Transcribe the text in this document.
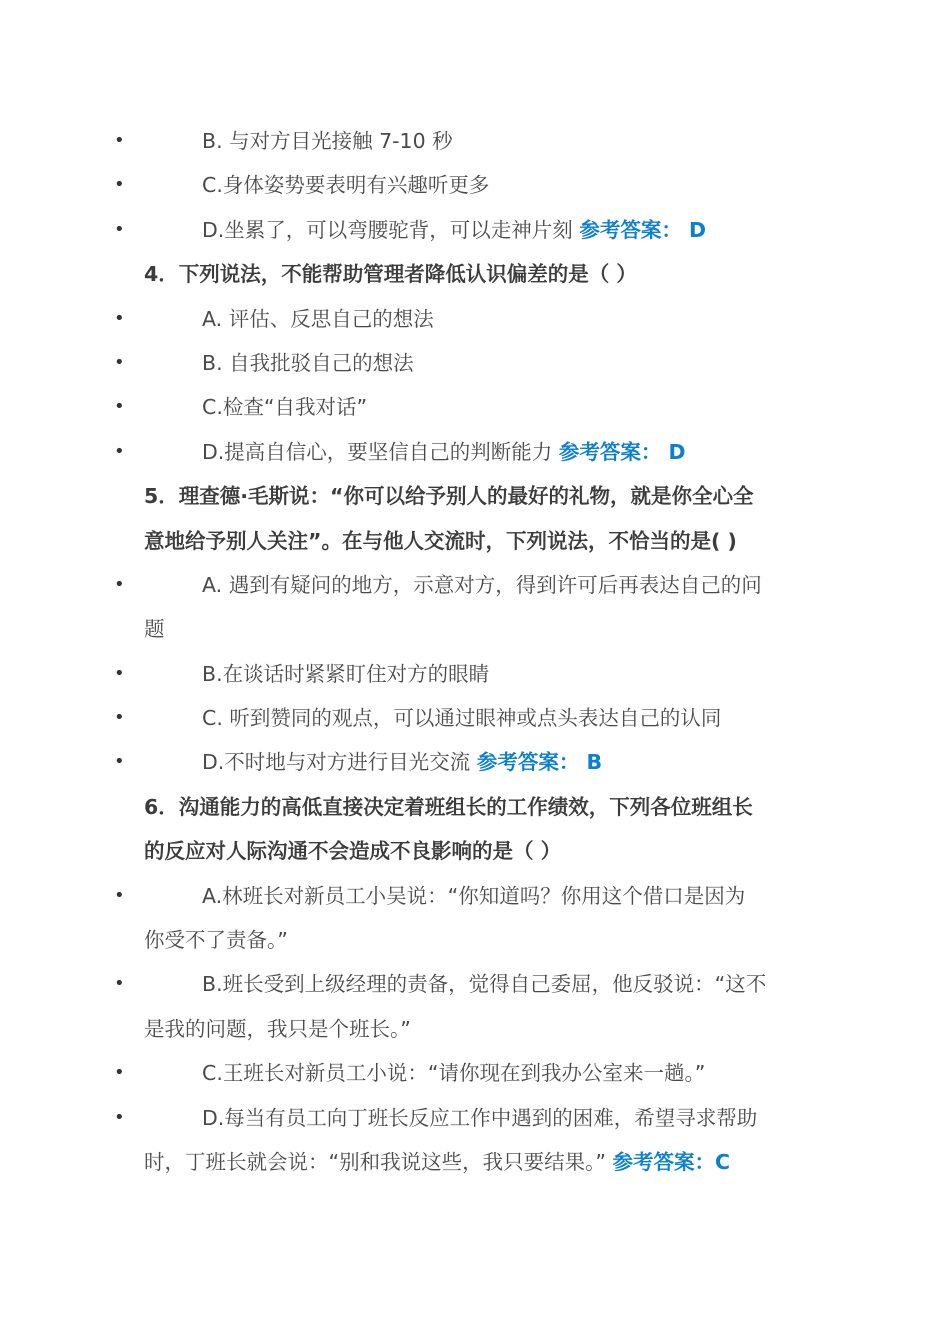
•	B. 与对方目光接触 7-10 秒
•	C.身体姿势要表明有兴趣听更多
•	D.坐累了，可以弯腰驼背，可以走神片刻 参考答案： D
4．下列说法，不能帮助管理者降低认识偏差的是（ ）
•	A. 评估、反思自己的想法
•	B. 自我批驳自己的想法
•	C.检查“自我对话”
•	D.提高自信心，要坚信自己的判断能力 参考答案： D
5．理查德·毛斯说：“你可以给予别人的最好的礼物，就是你全心全
意地给予别人关注”。在与他人交流时，下列说法，不恰当的是( )
•	A. 遇到有疑问的地方，示意对方，得到许可后再表达自己的问
题
•	B.在谈话时紧紧盯住对方的眼睛
•	C. 听到赞同的观点，可以通过眼神或点头表达自己的认同
•	D.不时地与对方进行目光交流 参考答案： B
6．沟通能力的高低直接决定着班组长的工作绩效，下列各位班组长
的反应对人际沟通不会造成不良影响的是（ ）
•	A.林班长对新员工小吴说：“你知道吗？你用这个借口是因为
你受不了责备。”
•	B.班长受到上级经理的责备，觉得自己委屈，他反驳说：“这不
是我的问题，我只是个班长。”
•	C.王班长对新员工小说：“请你现在到我办公室来一趟。”
•	D.每当有员工向丁班长反应工作中遇到的困难，希望寻求帮助
时，丁班长就会说：“别和我说这些，我只要结果。” 参考答案：C
